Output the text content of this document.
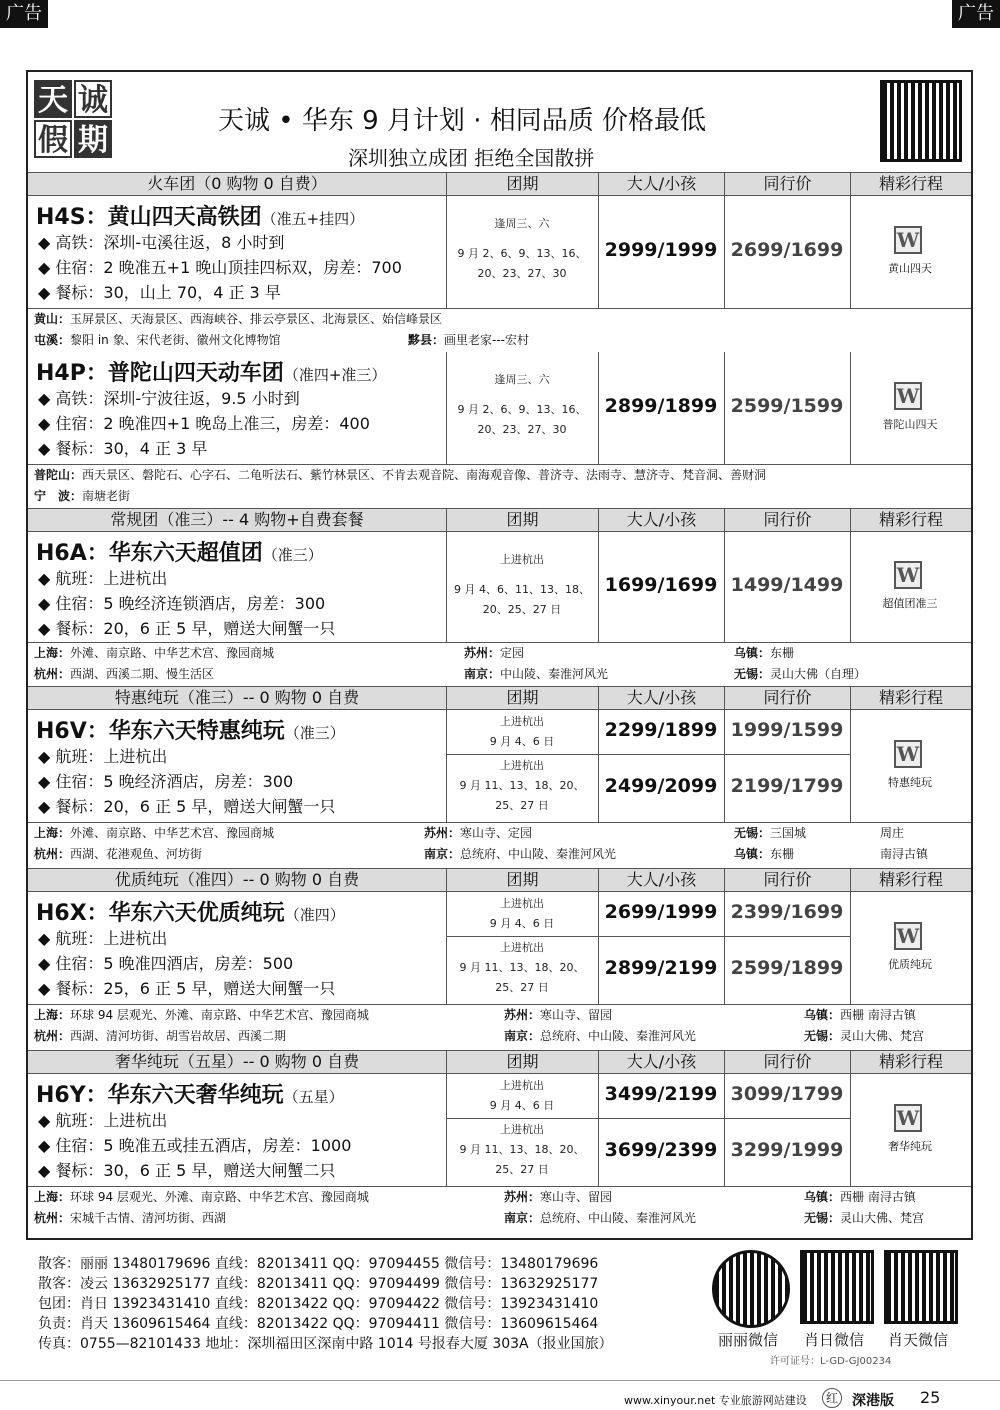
广告	广告
天 诚
假 期
天诚 • 华东 9 月计划 · 相同品质 价格最低
深圳独立成团 拒绝全国散拼
火车团（0 购物 0 自费）	团期	大人/小孩	同行价	精彩行程
H4S：黄山四天高铁团（准五+挂四）
◆ 高铁：深圳-屯溪往返，8 小时到
◆ 住宿：2 晚准五+1 晚山顶挂四标双，房差：700
◆ 餐标：30，山上 70，4 正 3 早
逢周三、六
9 月 2、6、9、13、16、20、23、27、30
2999/1999 2699/1699	W
黄山四天
黄山：玉屏景区、天海景区、西海峡谷、排云亭景区、北海景区、始信峰景区
屯溪：黎阳 in 象、宋代老街、徽州文化博物馆	黟县：画里老家---宏村
H4P：普陀山四天动车团（准四+准三）
◆ 高铁：深圳-宁波往返，9.5 小时到
◆ 住宿：2 晚准四+1 晚岛上准三，房差：400
◆ 餐标：30，4 正 3 早
逢周三、六
9 月 2、6、9、13、16、20、23、27、30
2899/1899 2599/1599	W
普陀山四天
普陀山：西天景区、磐陀石、心字石、二龟听法石、紫竹林景区、不肯去观音院、南海观音像、普济寺、法雨寺、慧济寺、梵音洞、善财洞
宁　波：南塘老街
常规团（准三）-- 4 购物+自费套餐	团期	大人/小孩	同行价	精彩行程
H6A：华东六天超值团（准三）
◆ 航班：上进杭出
◆ 住宿：5 晚经济连锁酒店，房差：300
◆ 餐标：20，6 正 5 早，赠送大闸蟹一只
上进杭出
9 月 4、6、11、13、18、20、25、27 日
1699/1699 1499/1499	W
超值团准三
上海：外滩、南京路、中华艺术宫、豫园商城	苏州：定园	乌镇：东栅
杭州：西湖、西溪二期、慢生活区	南京：中山陵、秦淮河风光	无锡：灵山大佛（自理）
特惠纯玩（准三）-- 0 购物 0 自费	团期	大人/小孩	同行价	精彩行程
H6V：华东六天特惠纯玩（准三）
◆ 航班：上进杭出
◆ 住宿：5 晚经济酒店，房差：300
◆ 餐标：20，6 正 5 早，赠送大闸蟹一只
上进杭出
9 月 4、6 日
2299/1899 1999/1599
上进杭出
9 月 11、13、18、20、25、27 日
2499/2099 2199/1799
W
特惠纯玩
上海：外滩、南京路、中华艺术宫、豫园商城	苏州：寒山寺、定园	无锡：三国城	周庄
杭州：西湖、花港观鱼、河坊街	南京：总统府、中山陵、秦淮河风光	乌镇：东栅	南浔古镇
优质纯玩（准四）-- 0 购物 0 自费	团期	大人/小孩	同行价	精彩行程
H6X：华东六天优质纯玩（准四）
◆ 航班：上进杭出
◆ 住宿：5 晚准四酒店，房差：500
◆ 餐标：25，6 正 5 早，赠送大闸蟹一只
上进杭出
9 月 4、6 日
2699/1999 2399/1699
上进杭出
9 月 11、13、18、20、25、27 日
2899/2199 2599/1899
W
优质纯玩
上海：环球 94 层观光、外滩、南京路、中华艺术宫、豫园商城	苏州：寒山寺、留园	乌镇：西栅 南浔古镇
杭州：西湖、清河坊街、胡雪岩故居、西溪二期	南京：总统府、中山陵、秦淮河风光	无锡：灵山大佛、梵宫
奢华纯玩（五星）-- 0 购物 0 自费	团期	大人/小孩	同行价	精彩行程
H6Y：华东六天奢华纯玩（五星）
◆ 航班：上进杭出
◆ 住宿：5 晚准五或挂五酒店，房差：1000
◆ 餐标：30，6 正 5 早，赠送大闸蟹二只
上进杭出
9 月 4、6 日
3499/2199 3099/1799
上进杭出
9 月 11、13、18、20、25、27 日
3699/2399 3299/1999
W
奢华纯玩
上海：环球 94 层观光、外滩、南京路、中华艺术宫、豫园商城	苏州：寒山寺、留园	乌镇：西栅 南浔古镇
杭州：宋城千古情、清河坊街、西湖	南京：总统府、中山陵、秦淮河风光	无锡：灵山大佛、梵宫
散客：丽丽 13480179696 直线：82013411 QQ：97094455 微信号：13480179696
散客：凌云 13632925177 直线：82013411 QQ：97094499 微信号：13632925177
包团：肖日 13923431410 直线：82013422 QQ：97094422 微信号：13923431410
负责：肖天 13609615464 直线：82013422 QQ：97094411 微信号：13609615464
传真：0755—82101433 地址：深圳福田区深南中路 1014 号报春大厦 303A（报业国旅）	丽丽微信 肖日微信 肖天微信
许可证号：L-GD-GJ00234
www.xinyour.net 专业旅游网站建设	红 深港版 25
